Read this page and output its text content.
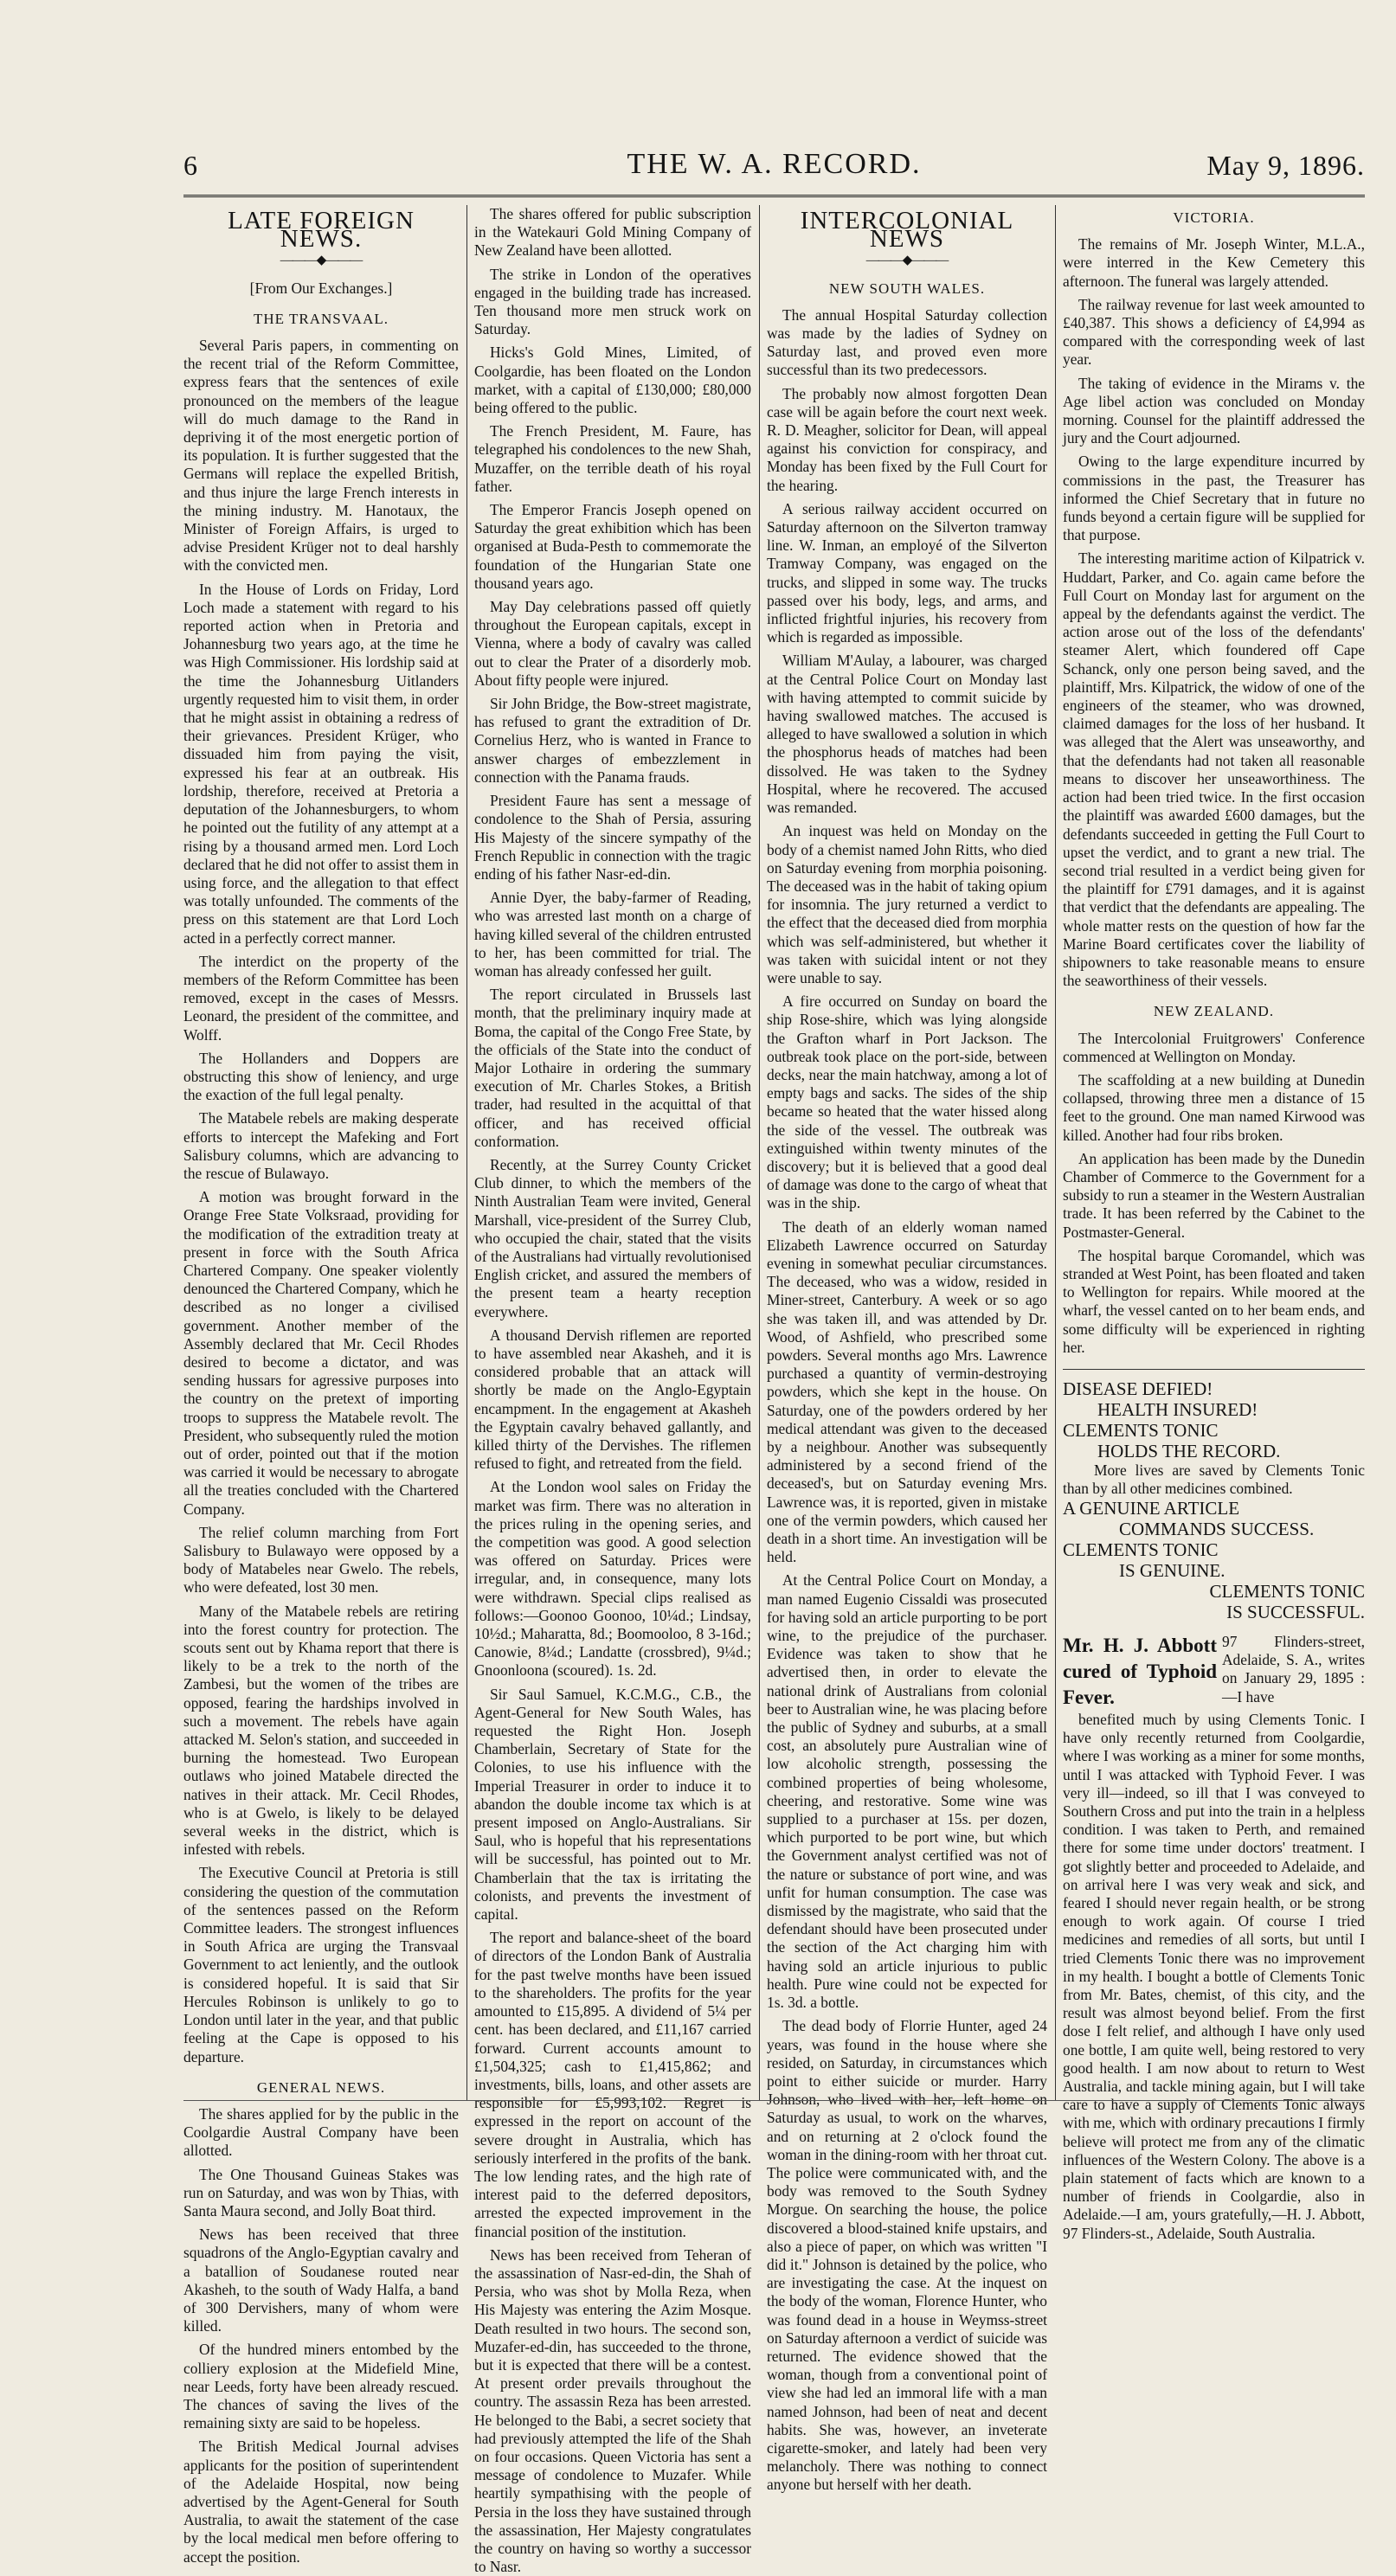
6	THE W. A. RECORD.	May 9, 1896.
LATE FOREIGN NEWS.
———◆———
[From Our Exchanges.]
THE TRANSVAAL.

Several Paris papers, in commenting on the recent trial of the Reform Committee, express fears that the sentences of exile pronounced on the members of the league will do much damage to the Rand in depriving it of the most energetic portion of its population. It is further suggested that the Germans will replace the expelled British, and thus injure the large French interests in the mining industry. M. Hanotaux, the Minister of Foreign Affairs, is urged to advise President Krüger not to deal harshly with the convicted men.

In the House of Lords on Friday, Lord Loch made a statement with regard to his reported action when in Pretoria and Johannesburg two years ago, at the time he was High Commissioner. His lordship said at the time the Johannesburg Uitlanders urgently requested him to visit them, in order that he might assist in obtaining a redress of their grievances. President Krüger, who dissuaded him from paying the visit, expressed his fear at an outbreak. His lordship, therefore, received at Pretoria a deputation of the Johannesburgers, to whom he pointed out the futility of any attempt at a rising by a thousand armed men. Lord Loch declared that he did not offer to assist them in using force, and the allegation to that effect was totally unfounded. The comments of the press on this statement are that Lord Loch acted in a perfectly correct manner.

The interdict on the property of the members of the Reform Committee has been removed, except in the cases of Messrs. Leonard, the president of the committee, and Wolff.

The Hollanders and Doppers are obstructing this show of leniency, and urge the exaction of the full legal penalty.

The Matabele rebels are making desperate efforts to intercept the Mafeking and Fort Salisbury columns, which are advancing to the rescue of Bulawayo.

A motion was brought forward in the Orange Free State Volksraad, providing for the modification of the extradition treaty at present in force with the South Africa Chartered Company. One speaker violently denounced the Chartered Company, which he described as no longer a civilised government. Another member of the Assembly declared that Mr. Cecil Rhodes desired to become a dictator, and was sending hussars for agressive purposes into the country on the pretext of importing troops to suppress the Matabele revolt. The President, who subsequently ruled the motion out of order, pointed out that if the motion was carried it would be necessary to abrogate all the treaties concluded with the Chartered Company.

The relief column marching from Fort Salisbury to Bulawayo were opposed by a body of Matabeles near Gwelo. The rebels, who were defeated, lost 30 men.

Many of the Matabele rebels are retiring into the forest country for protection. The scouts sent out by Khama report that there is likely to be a trek to the north of the Zambesi, but the women of the tribes are opposed, fearing the hardships involved in such a movement. The rebels have again attacked M. Selon's station, and succeeded in burning the homestead. Two European outlaws who joined Matabele directed the natives in their attack. Mr. Cecil Rhodes, who is at Gwelo, is likely to be delayed several weeks in the district, which is infested with rebels.

The Executive Council at Pretoria is still considering the question of the commutation of the sentences passed on the Reform Committee leaders. The strongest influences in South Africa are urging the Transvaal Government to act leniently, and the outlook is considered hopeful. It is said that Sir Hercules Robinson is unlikely to go to London until later in the year, and that public feeling at the Cape is opposed to his departure.

GENERAL NEWS.

The shares applied for by the public in the Coolgardie Austral Company have been allotted.

The One Thousand Guineas Stakes was run on Saturday, and was won by Thias, with Santa Maura second, and Jolly Boat third.

News has been received that three squadrons of the Anglo-Egyptian cavalry and a batallion of Soudanese routed near Akasheh, to the south of Wady Halfa, a band of 300 Dervishers, many of whom were killed.

Of the hundred miners entombed by the colliery explosion at the Midefield Mine, near Leeds, forty have been already rescued. The chances of saving the lives of the remaining sixty are said to be hopeless.

The British Medical Journal advises applicants for the position of superintendent of the Adelaide Hospital, now being advertised by the Agent-General for South Australia, to await the statement of the case by the local medical men before offering to accept the position.

The shares offered for public subscription in the Watekauri Gold Mining Company of New Zealand have been allotted.

The strike in London of the operatives engaged in the building trade has increased. Ten thousand more men struck work on Saturday.

Hicks's Gold Mines, Limited, of Coolgardie, has been floated on the London market, with a capital of £130,000; £80,000 being offered to the public.

The French President, M. Faure, has telegraphed his condolences to the new Shah, Muzaffer, on the terrible death of his royal father.

The Emperor Francis Joseph opened on Saturday the great exhibition which has been organised at Buda-Pesth to commemorate the foundation of the Hungarian State one thousand years ago.

May Day celebrations passed off quietly throughout the European capitals, except in Vienna, where a body of cavalry was called out to clear the Prater of a disorderly mob. About fifty people were injured.

Sir John Bridge, the Bow-street magistrate, has refused to grant the extradition of Dr. Cornelius Herz, who is wanted in France to answer charges of embezzlement in connection with the Panama frauds.

President Faure has sent a message of condolence to the Shah of Persia, assuring His Majesty of the sincere sympathy of the French Republic in connection with the tragic ending of his father Nasr-ed-din.

Annie Dyer, the baby-farmer of Reading, who was arrested last month on a charge of having killed several of the children entrusted to her, has been committed for trial. The woman has already confessed her guilt.

The report circulated in Brussels last month, that the preliminary inquiry made at Boma, the capital of the Congo Free State, by the officials of the State into the conduct of Major Lothaire in ordering the summary execution of Mr. Charles Stokes, a British trader, had resulted in the acquittal of that officer, and has received official conformation.

Recently, at the Surrey County Cricket Club dinner, to which the members of the Ninth Australian Team were invited, General Marshall, vice-president of the Surrey Club, who occupied the chair, stated that the visits of the Australians had virtually revolutionised English cricket, and assured the members of the present team a hearty reception everywhere.

A thousand Dervish riflemen are reported to have assembled near Akasheh, and it is considered probable that an attack will shortly be made on the Anglo-Egyptain encampment. In the engagement at Akasheh the Egyptain cavalry behaved gallantly, and killed thirty of the Dervishes. The riflemen refused to fight, and retreated from the field.

At the London wool sales on Friday the market was firm. There was no alteration in the prices ruling in the opening series, and the competition was good. A good selection was offered on Saturday. Prices were irregular, and, in consequence, many lots were withdrawn. Special clips realised as follows:—Goonoo Goonoo, 10¼d.; Lindsay, 10½d.; Maharatta, 8d.; Boomooloo, 8 3-16d.; Canowie, 8¼d.; Landatte (crossbred), 9¼d.; Gnoonloona (scoured). 1s. 2d.

Sir Saul Samuel, K.C.M.G., C.B., the Agent-General for New South Wales, has requested the Right Hon. Joseph Chamberlain, Secretary of State for the Colonies, to use his influence with the Imperial Treasurer in order to induce it to abandon the double income tax which is at present imposed on Anglo-Australians. Sir Saul, who is hopeful that his representations will be successful, has pointed out to Mr. Chamberlain that the tax is irritating the colonists, and prevents the investment of capital.

The report and balance-sheet of the board of directors of the London Bank of Australia for the past twelve months have been issued to the shareholders. The profits for the year amounted to £15,895. A dividend of 5¼ per cent. has been declared, and £11,167 carried forward. Current accounts amount to £1,504,325; cash to £1,415,862; and investments, bills, loans, and other assets are responsible for £5,993,102. Regret is expressed in the report on account of the severe drought in Australia, which has seriously interfered in the profits of the bank. The low lending rates, and the high rate of interest paid to the deferred depositors, arrested the expected improvement in the financial position of the institution.

News has been received from Teheran of the assassination of Nasr-ed-din, the Shah of Persia, who was shot by Molla Reza, when His Majesty was entering the Azim Mosque. Death resulted in two hours. The second son, Muzafer-ed-din, has succeeded to the throne, but it is expected that there will be a contest. At present order prevails throughout the country. The assassin Reza has been arrested. He belonged to the Babi, a secret society that had previously attempted the life of the Shah on four occasions. Queen Victoria has sent a message of condolence to Muzafer. While heartily sympathising with the people of Persia in the loss they have sustained through the assassination, Her Majesty congratulates the country on having so worthy a successor to Nasr.

INTERCOLONIAL NEWS
———◆———
NEW SOUTH WALES.

The annual Hospital Saturday collection was made by the ladies of Sydney on Saturday last, and proved even more successful than its two predecessors.

The probably now almost forgotten Dean case will be again before the court next week. R. D. Meagher, solicitor for Dean, will appeal against his conviction for conspiracy, and Monday has been fixed by the Full Court for the hearing.

A serious railway accident occurred on Saturday afternoon on the Silverton tramway line. W. Inman, an employé of the Silverton Tramway Company, was engaged on the trucks, and slipped in some way. The trucks passed over his body, legs, and arms, and inflicted frightful injuries, his recovery from which is regarded as impossible.

William M'Aulay, a labourer, was charged at the Central Police Court on Monday last with having attempted to commit suicide by having swallowed matches. The accused is alleged to have swallowed a solution in which the phosphorus heads of matches had been dissolved. He was taken to the Sydney Hospital, where he recovered. The accused was remanded.

An inquest was held on Monday on the body of a chemist named John Ritts, who died on Saturday evening from morphia poisoning. The deceased was in the habit of taking opium for insomnia. The jury returned a verdict to the effect that the deceased died from morphia which was self-administered, but whether it was taken with suicidal intent or not they were unable to say.

A fire occurred on Sunday on board the ship Rose-shire, which was lying alongside the Grafton wharf in Port Jackson. The outbreak took place on the port-side, between decks, near the main hatchway, among a lot of empty bags and sacks. The sides of the ship became so heated that the water hissed along the side of the vessel. The outbreak was extinguished within twenty minutes of the discovery; but it is believed that a good deal of damage was done to the cargo of wheat that was in the ship.

The death of an elderly woman named Elizabeth Lawrence occurred on Saturday evening in somewhat peculiar circumstances. The deceased, who was a widow, resided in Miner-street, Canterbury. A week or so ago she was taken ill, and was attended by Dr. Wood, of Ashfield, who prescribed some powders. Several months ago Mrs. Lawrence purchased a quantity of vermin-destroying powders, which she kept in the house. On Saturday, one of the powders ordered by her medical attendant was given to the deceased by a neighbour. Another was subsequently administered by a second friend of the deceased's, but on Saturday evening Mrs. Lawrence was, it is reported, given in mistake one of the vermin powders, which caused her death in a short time. An investigation will be held.

At the Central Police Court on Monday, a man named Eugenio Cissaldi was prosecuted for having sold an article purporting to be port wine, to the prejudice of the purchaser. Evidence was taken to show that he advertised then, in order to elevate the national drink of Australians from colonial beer to Australian wine, he was placing before the public of Sydney and suburbs, at a small cost, an absolutely pure Australian wine of low alcoholic strength, possessing the combined properties of being wholesome, cheering, and restorative. Some wine was supplied to a purchaser at 15s. per dozen, which purported to be port wine, but which the Government analyst certified was not of the nature or substance of port wine, and was unfit for human consumption. The case was dismissed by the magistrate, who said that the defendant should have been prosecuted under the section of the Act charging him with having sold an article injurious to public health. Pure wine could not be expected for 1s. 3d. a bottle.

The dead body of Florrie Hunter, aged 24 years, was found in the house where she resided, on Saturday, in circumstances which point to either suicide or murder. Harry Johnson, who lived with her, left home on Saturday as usual, to work on the wharves, and on returning at 2 o'clock found the woman in the dining-room with her throat cut. The police were communicated with, and the body was removed to the South Sydney Morgue. On searching the house, the police discovered a blood-stained knife upstairs, and also a piece of paper, on which was written "I did it." Johnson is detained by the police, who are investigating the case. At the inquest on the body of the woman, Florence Hunter, who was found dead in a house in Weymss-street on Saturday afternoon a verdict of suicide was returned. The evidence showed that the woman, though from a conventional point of view she had led an immoral life with a man named Johnson, had been of neat and decent habits. She was, however, an inveterate cigarette-smoker, and lately had been very melancholy. There was nothing to connect anyone but herself with her death.

VICTORIA.

The remains of Mr. Joseph Winter, M.L.A., were interred in the Kew Cemetery this afternoon. The funeral was largely attended.

The railway revenue for last week amounted to £40,387. This shows a deficiency of £4,994 as compared with the corresponding week of last year.

The taking of evidence in the Mirams v. the Age libel action was concluded on Monday morning. Counsel for the plaintiff addressed the jury and the Court adjourned.

Owing to the large expenditure incurred by commissions in the past, the Treasurer has informed the Chief Secretary that in future no funds beyond a certain figure will be supplied for that purpose.

The interesting maritime action of Kilpatrick v. Huddart, Parker, and Co. again came before the Full Court on Monday last for argument on the appeal by the defendants against the verdict. The action arose out of the loss of the defendants' steamer Alert, which foundered off Cape Schanck, only one person being saved, and the plaintiff, Mrs. Kilpatrick, the widow of one of the engineers of the steamer, who was drowned, claimed damages for the loss of her husband. It was alleged that the Alert was unseaworthy, and that the defendants had not taken all reasonable means to discover her unseaworthiness. The action had been tried twice. In the first occasion the plaintiff was awarded £600 damages, but the defendants succeeded in getting the Full Court to upset the verdict, and to grant a new trial. The second trial resulted in a verdict being given for the plaintiff for £791 damages, and it is against that verdict that the defendants are appealing. The whole matter rests on the question of how far the Marine Board certificates cover the liability of shipowners to take reasonable means to ensure the seaworthiness of their vessels.

NEW ZEALAND.

The Intercolonial Fruitgrowers' Conference commenced at Wellington on Monday.

The scaffolding at a new building at Dunedin collapsed, throwing three men a distance of 15 feet to the ground. One man named Kirwood was killed. Another had four ribs broken.

An application has been made by the Dunedin Chamber of Commerce to the Government for a subsidy to run a steamer in the Western Australian trade. It has been referred by the Cabinet to the Postmaster-General.

The hospital barque Coromandel, which was stranded at West Point, has been floated and taken to Wellington for repairs. While moored at the wharf, the vessel canted on to her beam ends, and some difficulty will be experienced in righting her.

DISEASE DEFIED!
HEALTH INSURED!
CLEMENTS TONIC
HOLDS THE RECORD.
More lives are saved by Clements Tonic than by all other medicines combined.
A GENUINE ARTICLE
COMMANDS SUCCESS.
CLEMENTS TONIC
IS GENUINE.
CLEMENTS TONIC
IS SUCCESSFUL.
Mr. H. J. Abbott cured of Typhoid Fever.
97 Flinders-street, Adelaide, S. A., writes on January 29, 1895 :—I have

benefited much by using Clements Tonic. I have only recently returned from Coolgardie, where I was working as a miner for some months, until I was attacked with Typhoid Fever. I was very ill—indeed, so ill that I was conveyed to Southern Cross and put into the train in a helpless condition. I was taken to Perth, and remained there for some time under doctors' treatment. I got slightly better and proceeded to Adelaide, and on arrival here I was very weak and sick, and feared I should never regain health, or be strong enough to work again. Of course I tried medicines and remedies of all sorts, but until I tried Clements Tonic there was no improvement in my health. I bought a bottle of Clements Tonic from Mr. Bates, chemist, of this city, and the result was almost beyond belief. From the first dose I felt relief, and although I have only used one bottle, I am quite well, being restored to very good health. I am now about to return to West Australia, and tackle mining again, but I will take care to have a supply of Clements Tonic always with me, which with ordinary precautions I firmly believe will protect me from any of the climatic influences of the Western Colony. The above is a plain statement of facts which are known to a number of friends in Coolgardie, also in Adelaide.—I am, yours gratefully,—H. J. Abbott, 97 Flinders-st., Adelaide, South Australia.
